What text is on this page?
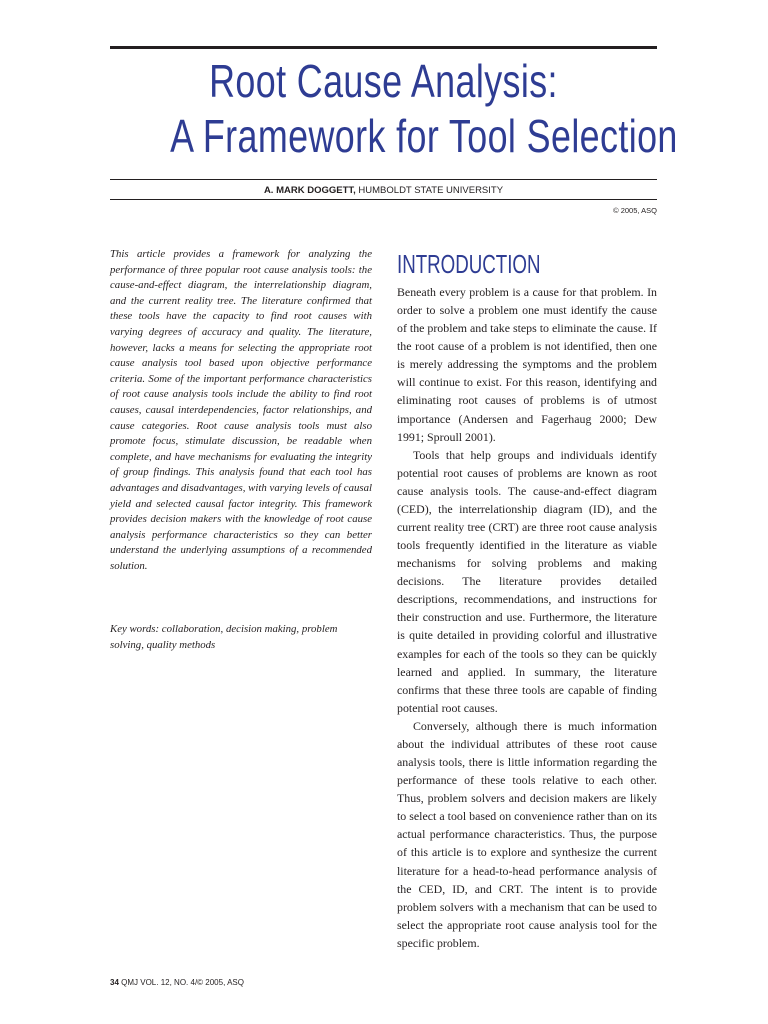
Root Cause Analysis:
A Framework for Tool Selection
A. MARK DOGGETT, HUMBOLDT STATE UNIVERSITY
© 2005, ASQ

This article provides a framework for analyzing the performance of three popular root cause analysis tools: the cause-and-effect diagram, the interrelationship diagram, and the current reality tree. The literature confirmed that these tools have the capacity to find root causes with varying degrees of accuracy and quality. The literature, however, lacks a means for selecting the appropriate root cause analysis tool based upon objective performance criteria. Some of the important performance characteristics of root cause analysis tools include the ability to find root causes, causal interdependencies, factor relationships, and cause categories. Root cause analysis tools must also promote focus, stimulate discussion, be readable when complete, and have mechanisms for evaluating the integrity of group findings. This analysis found that each tool has advantages and disadvantages, with varying levels of causal yield and selected causal factor integrity. This framework provides decision makers with the knowledge of root cause analysis performance characteristics so they can better understand the underlying assumptions of a recommended solution.

Key words: collaboration, decision making, problem solving, quality methods

INTRODUCTION

Beneath every problem is a cause for that problem. In order to solve a problem one must identify the cause of the problem and take steps to eliminate the cause. If the root cause of a problem is not identified, then one is merely addressing the symptoms and the problem will continue to exist. For this reason, identifying and eliminating root causes of problems is of utmost importance (Andersen and Fagerhaug 2000; Dew 1991; Sproull 2001).

Tools that help groups and individuals identify potential root causes of problems are known as root cause analysis tools. The cause-and-effect diagram (CED), the interrelationship diagram (ID), and the current reality tree (CRT) are three root cause analysis tools frequently identified in the literature as viable mechanisms for solving problems and making decisions. The literature provides detailed descriptions, recommendations, and instructions for their construction and use. Furthermore, the literature is quite detailed in providing colorful and illustrative examples for each of the tools so they can be quickly learned and applied. In summary, the literature confirms that these three tools are capable of finding potential root causes.

Conversely, although there is much information about the individual attributes of these root cause analysis tools, there is little information regarding the performance of these tools relative to each other. Thus, problem solvers and decision makers are likely to select a tool based on convenience rather than on its actual performance characteristics. Thus, the purpose of this article is to explore and synthesize the current literature for a head-to-head performance analysis of the CED, ID, and CRT. The intent is to provide problem solvers with a mechanism that can be used to select the appropriate root cause analysis tool for the specific problem.

34 QMJ VOL. 12, NO. 4/© 2005, ASQ
